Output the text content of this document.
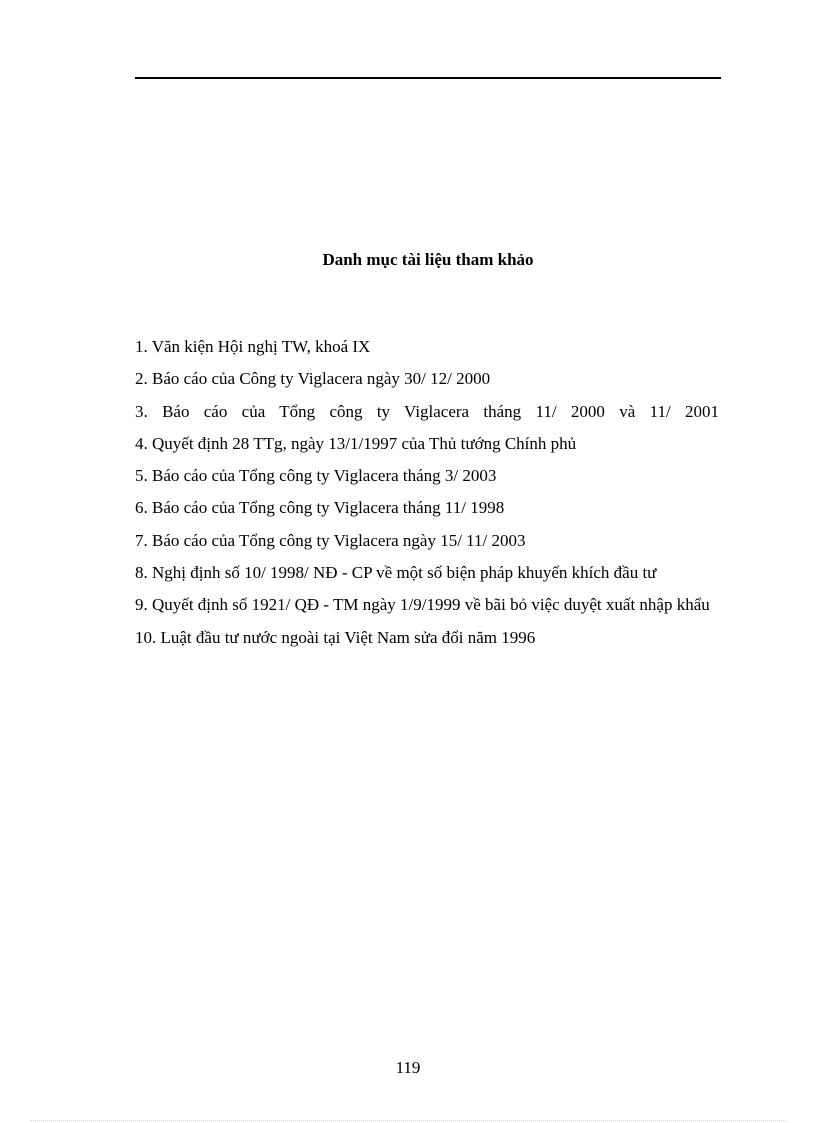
Danh mục tài liệu tham khảo
1. Văn kiện Hội nghị TW, khoá IX
2. Báo cáo của Công ty Viglacera ngày 30/ 12/ 2000
3. Báo cáo của Tổng công ty Viglacera tháng 11/ 2000 và 11/ 2001
4. Quyết định 28 TTg, ngày 13/1/1997 của Thủ tướng Chính phủ
5. Báo cáo của Tổng công ty Viglacera tháng 3/ 2003
6. Báo cáo của Tổng công ty Viglacera tháng 11/ 1998
7. Báo cáo của Tổng công ty Viglacera ngày 15/ 11/ 2003
8. Nghị định số 10/ 1998/ NĐ - CP về một số biện pháp khuyến khích đầu tư
9. Quyết định số 1921/ QĐ - TM ngày 1/9/1999 về bãi bỏ việc duyệt xuất nhập khẩu
10. Luật đầu tư nước ngoài tại Việt Nam sửa đổi năm 1996
119
